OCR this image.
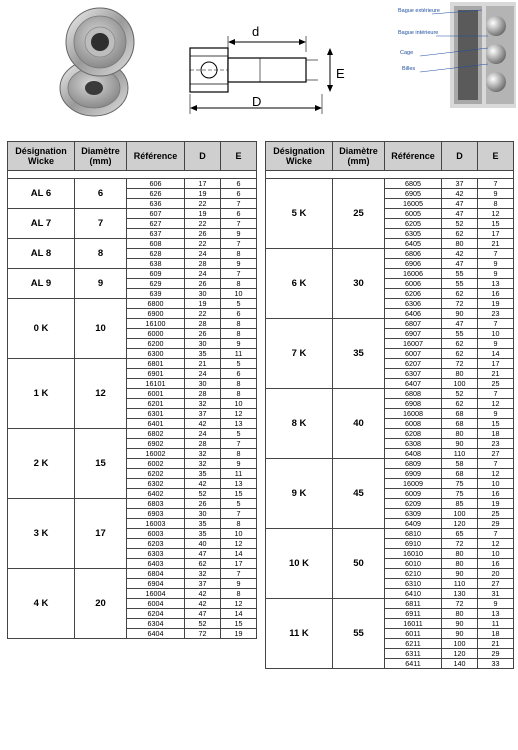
d
E
D
Bague extérieure
Bague intérieure
Cage
Billes
Désignation Wicke	Diamètre (mm)	Référence	D	E

AL 6	6	606	17	6
		626	19	6
		636	22	7
AL 7	7	607	19	6
		627	22	7
		637	26	9
AL 8	8	608	22	7
		628	24	8
		638	28	9
AL 9	9	609	24	7
		629	26	8
		639	30	10
0 K	10	6800	19	5
		6900	22	6
		16100	28	8
		6000	26	8
		6200	30	9
		6300	35	11
1 K	12	6801	21	5
		6901	24	6
		16101	30	8
		6001	28	8
		6201	32	10
		6301	37	12
		6401	42	13
2 K	15	6802	24	5
		6902	28	7
		16002	32	8
		6002	32	9
		6202	35	11
		6302	42	13
		6402	52	15
3 K	17	6803	26	5
		6903	30	7
		16003	35	8
		6003	35	10
		6203	40	12
		6303	47	14
		6403	62	17
4 K	20	6804	32	7
		6904	37	9
		16004	42	8
		6004	42	12
		6204	47	14
		6304	52	15
		6404	72	19
Désignation Wicke	Diamètre (mm)	Référence	D	E

5 K	25	6805	37	7
		6905	42	9
		16005	47	8
		6005	47	12
		6205	52	15
		6305	62	17
		6405	80	21
6 K	30	6806	42	7
		6906	47	9
		16006	55	9
		6006	55	13
		6206	62	16
		6306	72	19
		6406	90	23
7 K	35	6807	47	7
		6907	55	10
		16007	62	9
		6007	62	14
		6207	72	17
		6307	80	21
		6407	100	25
8 K	40	6808	52	7
		6908	62	12
		16008	68	9
		6008	68	15
		6208	80	18
		6308	90	23
		6408	110	27
9 K	45	6809	58	7
		6909	68	12
		16009	75	10
		6009	75	16
		6209	85	19
		6309	100	25
		6409	120	29
10 K	50	6810	65	7
		6910	72	12
		16010	80	10
		6010	80	16
		6210	90	20
		6310	110	27
		6410	130	31
11 K	55	6811	72	9
		6911	80	13
		16011	90	11
		6011	90	18
		6211	100	21
		6311	120	29
		6411	140	33
